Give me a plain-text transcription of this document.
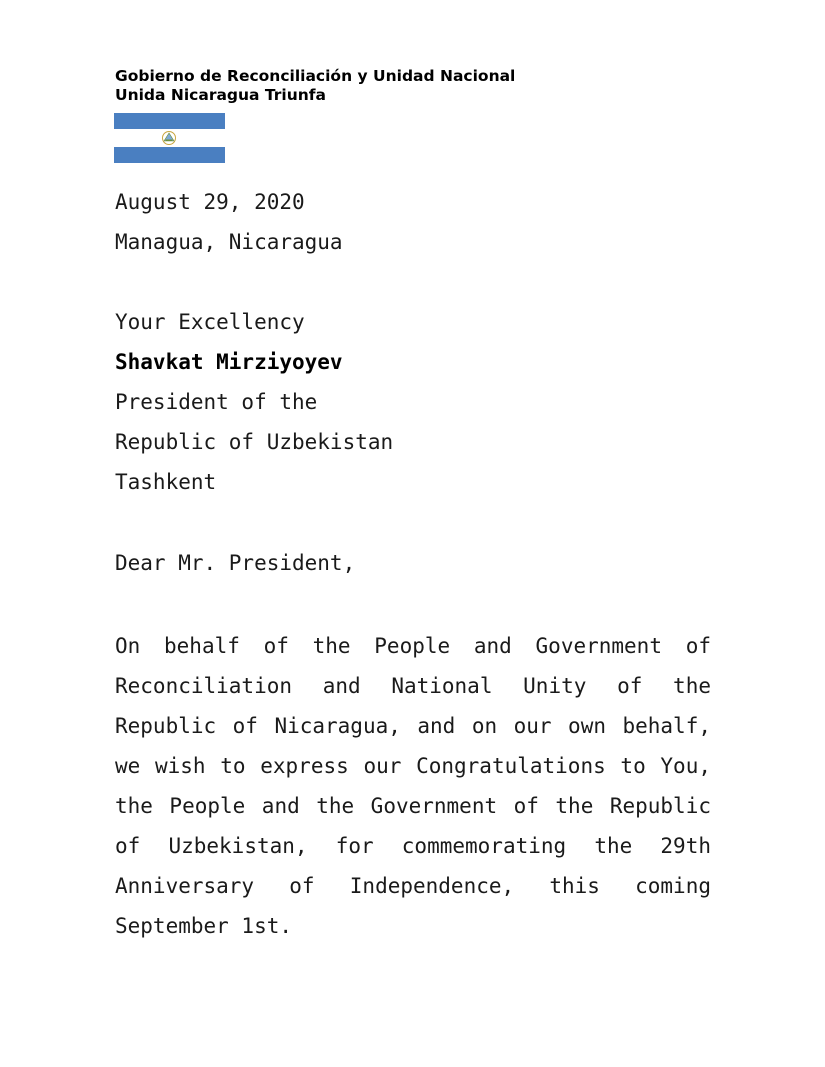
Gobierno de Reconciliación y Unidad Nacional
Unida Nicaragua Triunfa
August 29, 2020
Managua, Nicaragua
Your Excellency
Shavkat Mirziyoyev
President of the
Republic of Uzbekistan
Tashkent
Dear Mr. President,
On behalf of the People and Government of Reconciliation and National Unity of the Republic of Nicaragua, and on our own behalf, we wish to express our Congratulations to You, the People and the Government of the Republic of Uzbekistan, for commemorating the 29th Anniversary of Independence, this coming September 1st.
